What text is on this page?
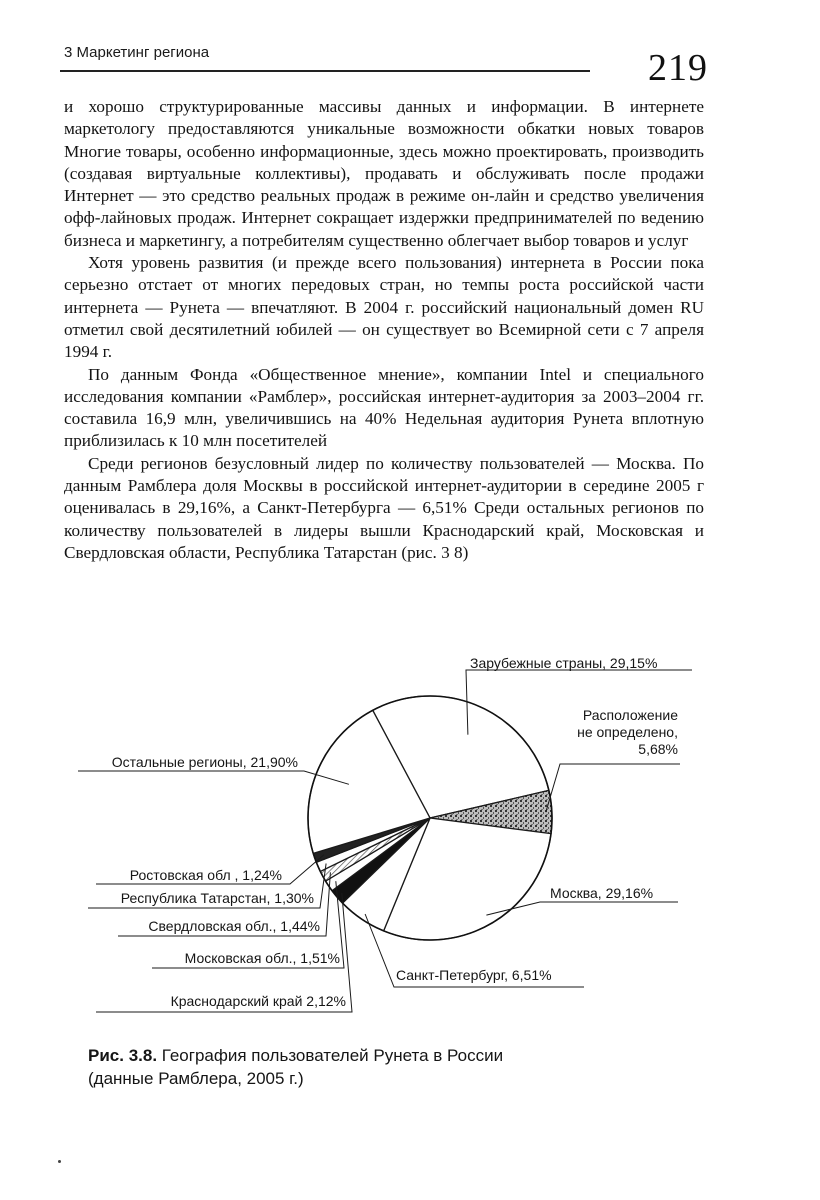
3 Маркетинг региона	219

и хорошо структурированные массивы данных и информации. В интернете маркетологу предоставляются уникальные возможности обкатки новых товаров Многие товары, особенно информационные, здесь можно проектировать, производить (создавая виртуальные коллективы), продавать и обслуживать после продажи Интернет — это средство реальных продаж в режиме он-лайн и средство увеличения офф-лайновых продаж. Интернет сокращает издержки предпринимателей по ведению бизнеса и маркетингу, а потребителям существенно облегчает выбор товаров и услуг

Хотя уровень развития (и прежде всего пользования) интернета в России пока серьезно отстает от многих передовых стран, но темпы роста российской части интернета — Рунета — впечатляют. В 2004 г. российский национальный домен RU отметил свой десятилетний юбилей — он существует во Всемирной сети с 7 апреля 1994 г.

По данным Фонда «Общественное мнение», компании Intel и специального исследования компании «Рамблер», российская интернет-аудитория за 2003–2004 гг. составила 16,9 млн, увеличившись на 40% Недельная аудитория Рунета вплотную приблизилась к 10 млн посетителей

Среди регионов безусловный лидер по количеству пользователей — Москва. По данным Рамблера доля Москвы в российской интернет-аудитории в середине 2005 г оценивалась в 29,16%, а Санкт-Петербурга — 6,51% Среди остальных регионов по количеству пользователей в лидеры вышли Краснодарский край, Московская и Свердловская области, Республика Татарстан (рис. 3 8)

Зарубежные страны, 29,15%
Расположение не определено, 5,68%
Москва, 29,16%
Санкт-Петербург, 6,51%
Краснодарский край 2,12%
Московская обл., 1,51%
Свердловская обл., 1,44%
Республика Татарстан, 1,30%
Ростовская обл , 1,24%
Остальные регионы, 21,90%
Рис. 3.8. География пользователей Рунета в России
(данные Рамблера, 2005 г.)
